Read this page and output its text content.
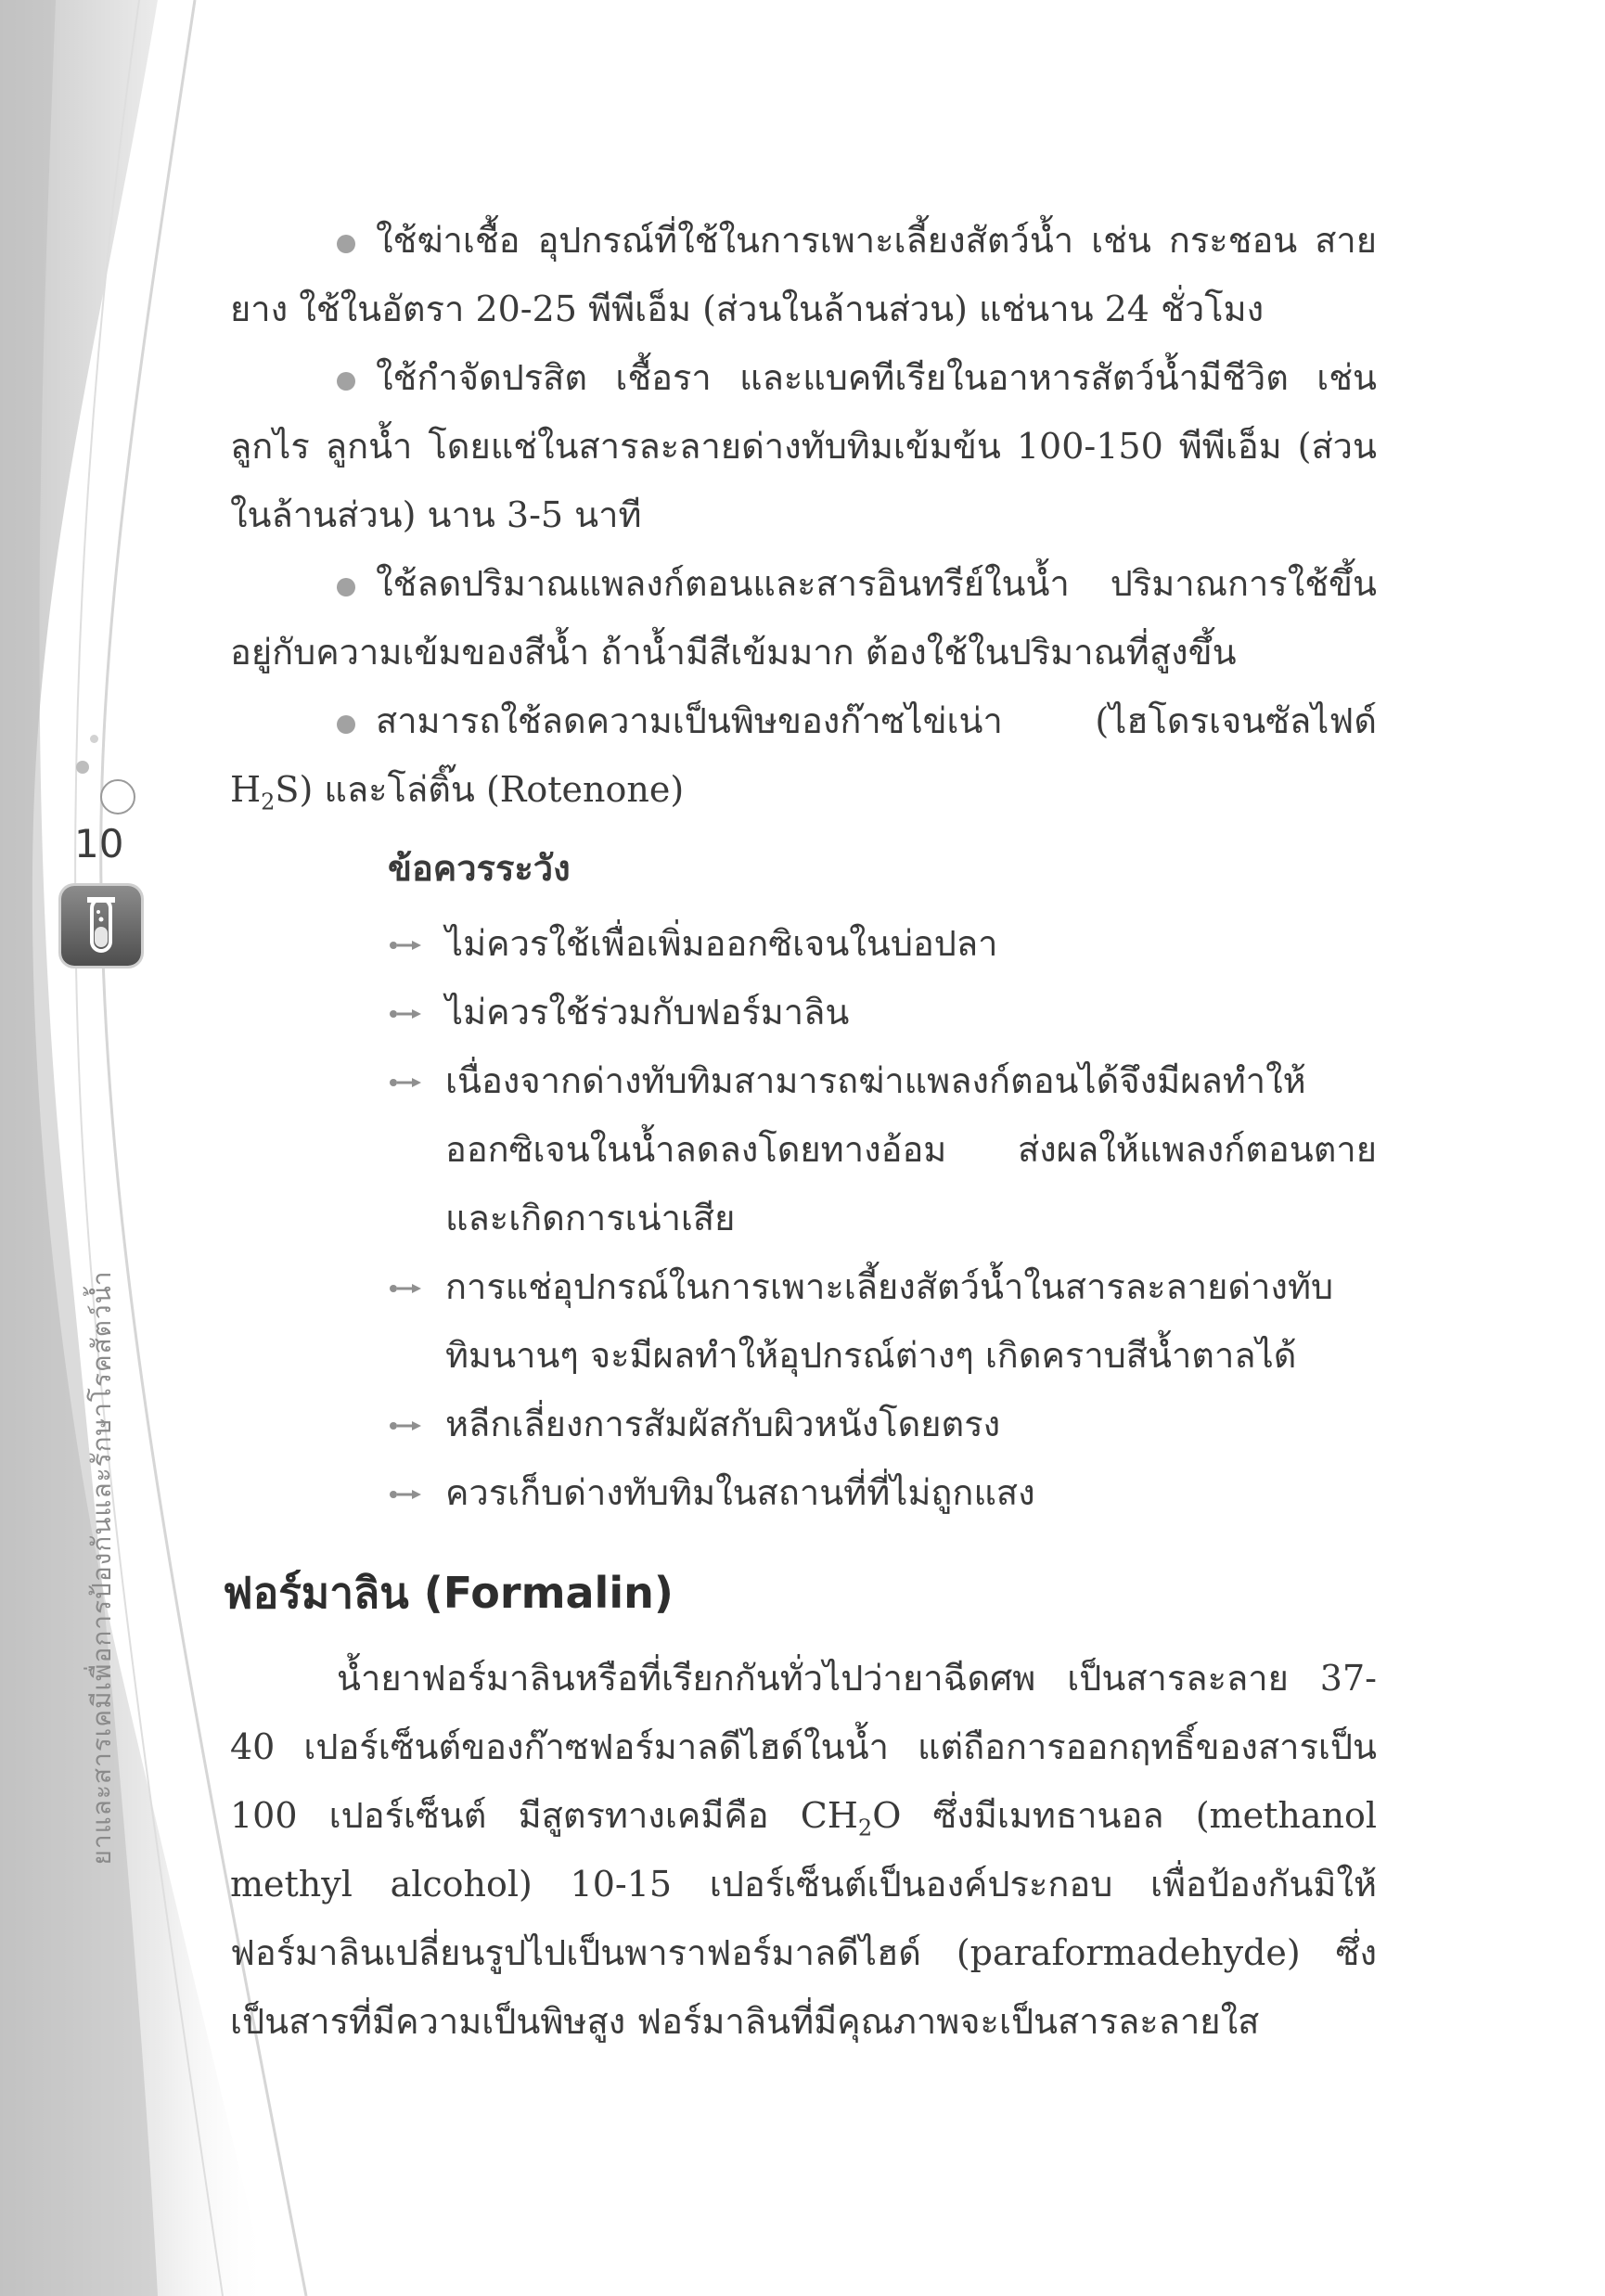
10
ยาและสารเคมีเพื่อการป้องกันและรักษาโรคสัตว์น้ำ

ใช้ฆ่าเชื้อ อุปกรณ์ที่ใช้ในการเพาะเลี้ยงสัตว์น้ำ เช่น กระชอน สายยาง ใช้ในอัตรา 20-25 พีพีเอ็ม (ส่วนในล้านส่วน) แช่นาน 24 ชั่วโมง

ใช้กำจัดปรสิต เชื้อรา และแบคทีเรียในอาหารสัตว์น้ำมีชีวิต เช่น ลูกไร ลูกน้ำ โดยแช่ในสารละลายด่างทับทิมเข้มข้น 100-150 พีพีเอ็ม (ส่วนในล้านส่วน) นาน 3-5 นาที

ใช้ลดปริมาณแพลงก์ตอนและสารอินทรีย์ในน้ำ ปริมาณการใช้ขึ้นอยู่กับความเข้มของสีน้ำ ถ้าน้ำมีสีเข้มมาก ต้องใช้ในปริมาณที่สูงขึ้น

สามารถใช้ลดความเป็นพิษของก๊าซไข่เน่า (ไฮโดรเจนซัลไฟด์ $H_2S$) และโล่ติ๊น (Rotenone)

ข้อควรระวัง
ไม่ควรใช้เพื่อเพิ่มออกซิเจนในบ่อปลา
ไม่ควรใช้ร่วมกับฟอร์มาลิน
เนื่องจากด่างทับทิมสามารถฆ่าแพลงก์ตอนได้จึงมีผลทำให้ออกซิเจนในน้ำลดลงโดยทางอ้อม ส่งผลให้แพลงก์ตอนตายและเกิดการเน่าเสีย
การแช่อุปกรณ์ในการเพาะเลี้ยงสัตว์น้ำในสารละลายด่างทับทิมนานๆ จะมีผลทำให้อุปกรณ์ต่างๆ เกิดคราบสีน้ำตาลได้
หลีกเลี่ยงการสัมผัสกับผิวหนังโดยตรง
ควรเก็บด่างทับทิมในสถานที่ที่ไม่ถูกแสง
ฟอร์มาลิน (Formalin)

น้ำยาฟอร์มาลินหรือที่เรียกกันทั่วไปว่ายาฉีดศพ เป็นสารละลาย 37-40 เปอร์เซ็นต์ของก๊าซฟอร์มาลดีไฮด์ในน้ำ แต่ถือการออกฤทธิ์ของสารเป็น 100 เปอร์เซ็นต์ มีสูตรทางเคมีคือ $CH_2O$ ซึ่งมีเมทธานอล (methanol methyl alcohol) 10-15 เปอร์เซ็นต์เป็นองค์ประกอบ เพื่อป้องกันมิให้ฟอร์มาลินเปลี่ยนรูปไปเป็นพาราฟอร์มาลดีไฮด์ (paraformadehyde) ซึ่งเป็นสารที่มีความเป็นพิษสูง ฟอร์มาลินที่มีคุณภาพจะเป็นสารละลายใส
